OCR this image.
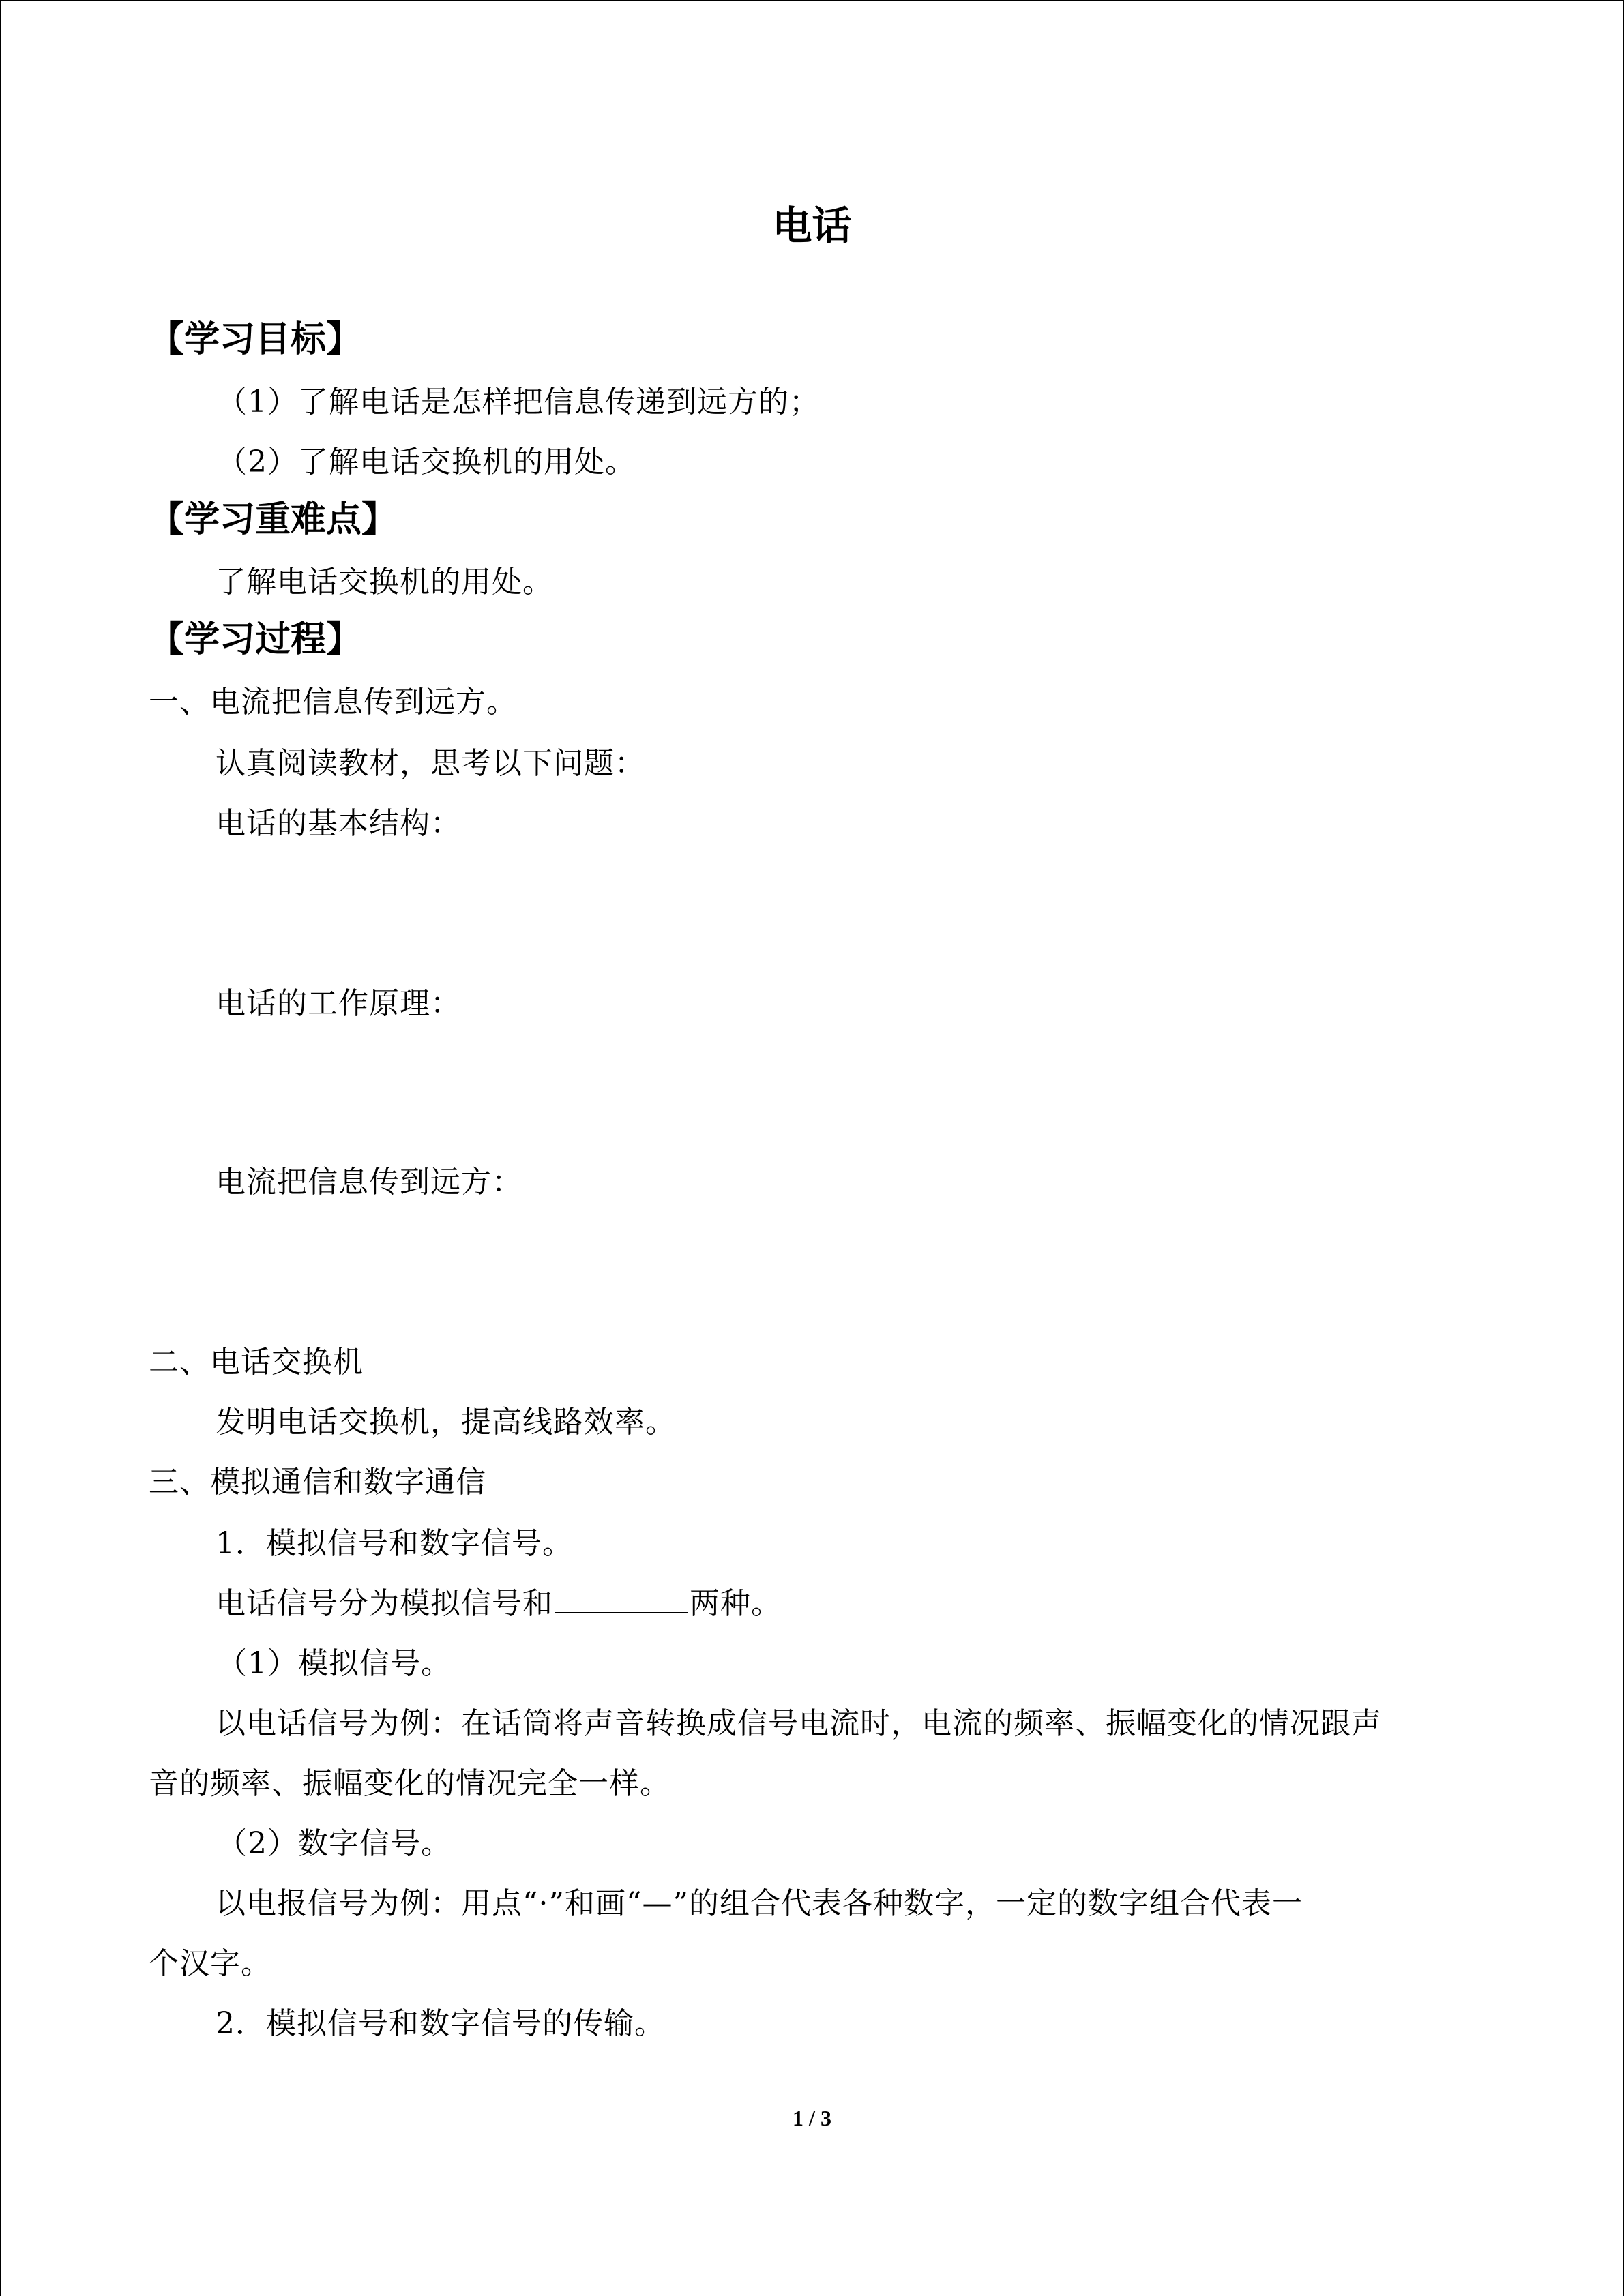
电话
【学习目标】
（1）了解电话是怎样把信息传递到远方的；
（2）了解电话交换机的用处。
【学习重难点】
了解电话交换机的用处。
【学习过程】
一、电流把信息传到远方。
认真阅读教材，思考以下问题：
电话的基本结构：
电话的工作原理：
电流把信息传到远方：
二、电话交换机
发明电话交换机，提高线路效率。
三、模拟通信和数字通信
1．模拟信号和数字信号。
电话信号分为模拟信号和	两种。
（1）模拟信号。
以电话信号为例：在话筒将声音转换成信号电流时，电流的频率、振幅变化的情况跟声
音的频率、振幅变化的情况完全一样。
（2）数字信号。
以电报信号为例：用点“·”和画“—”的组合代表各种数字，一定的数字组合代表一
个汉字。
2．模拟信号和数字信号的传输。
1 / 3
